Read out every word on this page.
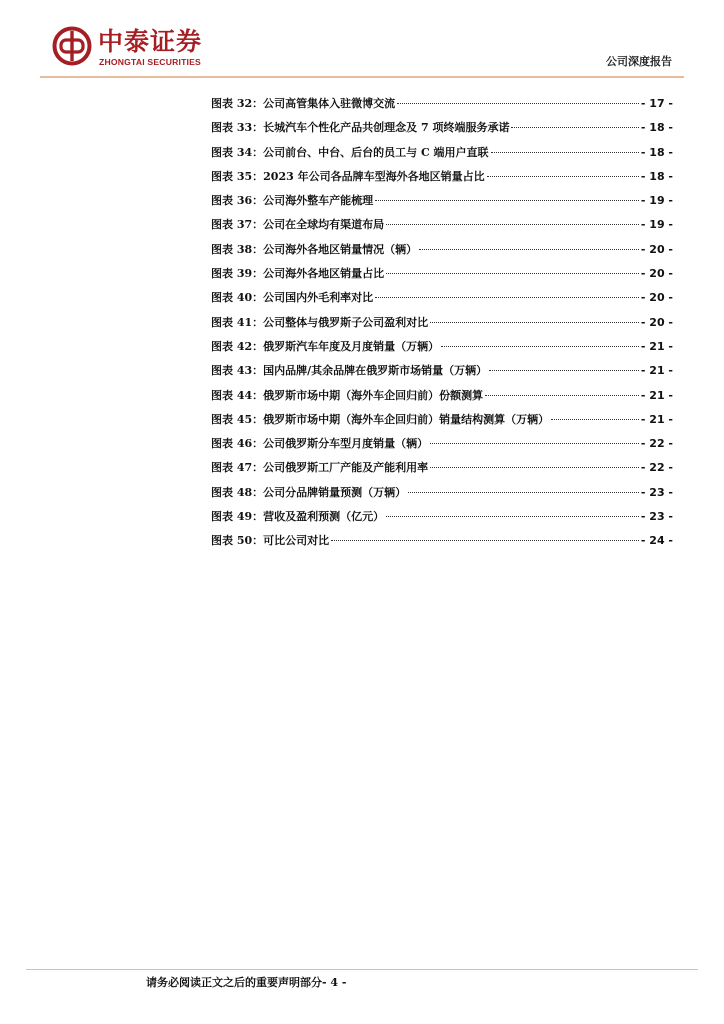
中泰证券
ZHONGTAI SECURITIES	公司深度报告
图表 32：公司高管集体入驻微博交流	- 17 -
图表 33：长城汽车个性化产品共创理念及 7 项终端服务承诺	- 18 -
图表 34：公司前台、中台、后台的员工与 C 端用户直联	- 18 -
图表 35：2023 年公司各品牌车型海外各地区销量占比	- 18 -
图表 36：公司海外整车产能梳理	- 19 -
图表 37：公司在全球均有渠道布局	- 19 -
图表 38：公司海外各地区销量情况（辆）	- 20 -
图表 39：公司海外各地区销量占比	- 20 -
图表 40：公司国内外毛利率对比	- 20 -
图表 41：公司整体与俄罗斯子公司盈利对比	- 20 -
图表 42：俄罗斯汽车年度及月度销量（万辆）	- 21 -
图表 43：国内品牌/其余品牌在俄罗斯市场销量（万辆）	- 21 -
图表 44：俄罗斯市场中期（海外车企回归前）份额测算	- 21 -
图表 45：俄罗斯市场中期（海外车企回归前）销量结构测算（万辆）	- 21 -
图表 46：公司俄罗斯分车型月度销量（辆）	- 22 -
图表 47：公司俄罗斯工厂产能及产能利用率	- 22 -
图表 48：公司分品牌销量预测（万辆）	- 23 -
图表 49：营收及盈利预测（亿元）	- 23 -
图表 50：可比公司对比	- 24 -
请务必阅读正文之后的重要声明部分- 4 -
